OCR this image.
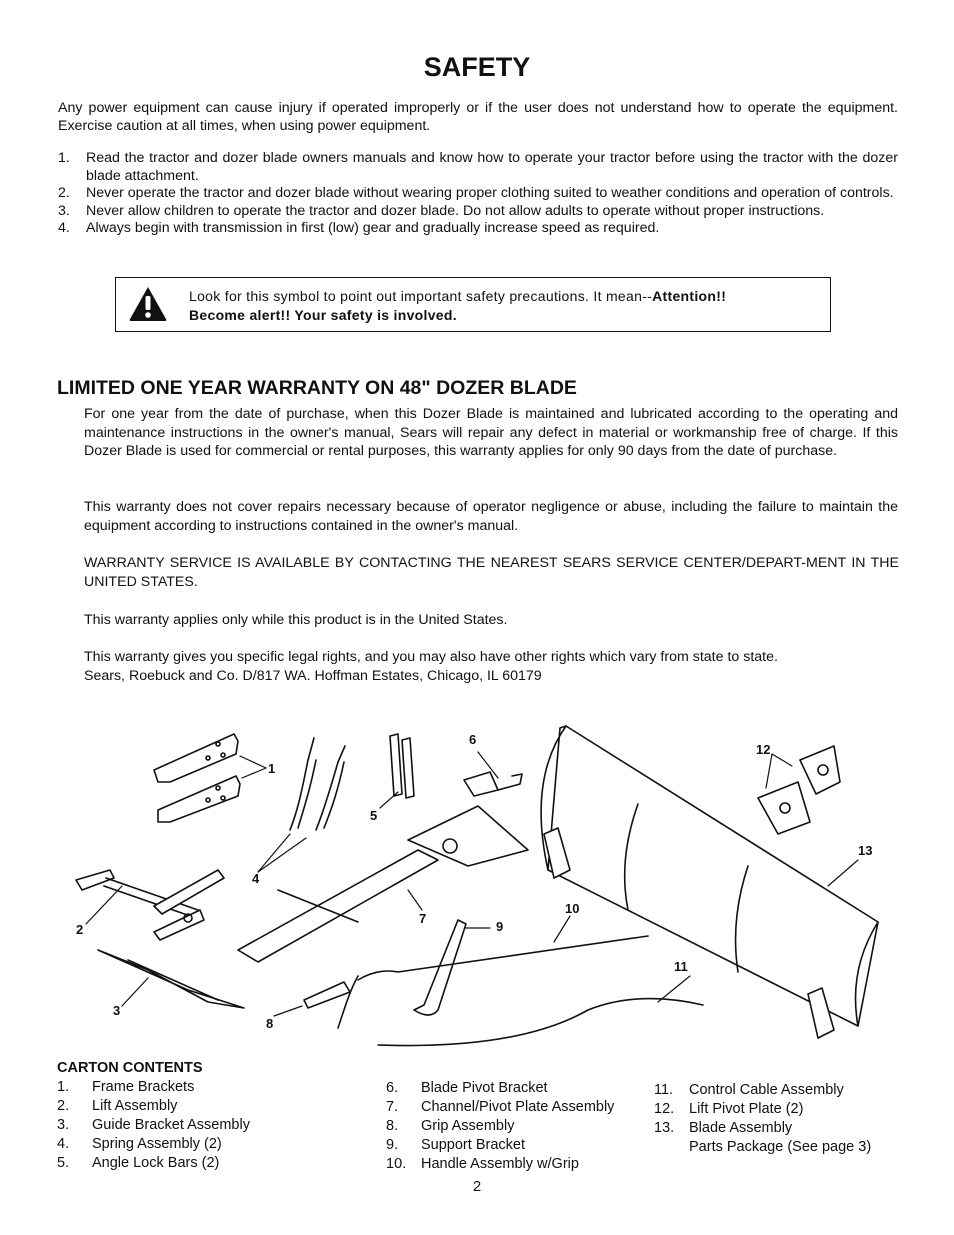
SAFETY
Any power equipment can cause injury if operated improperly or if the user does not understand how to operate the equipment. Exercise caution at all times, when using power equipment.
1.	Read the tractor and dozer blade owners manuals and know how to operate your tractor before using the tractor with the dozer blade attachment.
2.	Never operate the tractor and dozer blade without wearing proper clothing suited to weather conditions and operation of controls.
3.	Never allow children to operate the tractor and dozer blade. Do not allow adults to operate without proper instructions.
4.	Always begin with transmission in first (low) gear and gradually increase speed as required.
Look for this symbol to point out important safety precautions. It mean--Attention!!
Become alert!! Your safety is involved.
LIMITED ONE YEAR WARRANTY ON 48" DOZER BLADE
For one year from the date of purchase, when this Dozer Blade is maintained and lubricated according to the operating and maintenance instructions in the owner's manual, Sears will repair any defect in material or workmanship free of charge. If this Dozer Blade is used for commercial or rental purposes, this warranty applies for only 90 days from the date of purchase.
This warranty does not cover repairs necessary because of operator negligence or abuse, including the failure to maintain the equipment according to instructions contained in the owner's manual.
WARRANTY SERVICE IS AVAILABLE BY CONTACTING THE NEAREST SEARS SERVICE CENTER/DEPART-MENT IN THE UNITED STATES.
This warranty applies only while this product is in the United States.
This warranty gives you specific legal rights, and you may also have other rights which vary from state to state.
Sears, Roebuck and Co. D/817 WA. Hoffman Estates, Chicago, IL 60179
1
2
3
4
5
6
7
8
9
10
11
12
13
CARTON CONTENTS
1.	Frame Brackets
2.	Lift Assembly
3.	Guide Bracket Assembly
4.	Spring Assembly (2)
5.	Angle Lock Bars (2)
6.	Blade Pivot Bracket
7.	Channel/Pivot Plate Assembly
8.	Grip Assembly
9.	Support Bracket
10.	Handle Assembly w/Grip
11.	Control Cable Assembly
12.	Lift Pivot Plate (2)
13.	Blade Assembly
Parts Package (See page 3)
2
